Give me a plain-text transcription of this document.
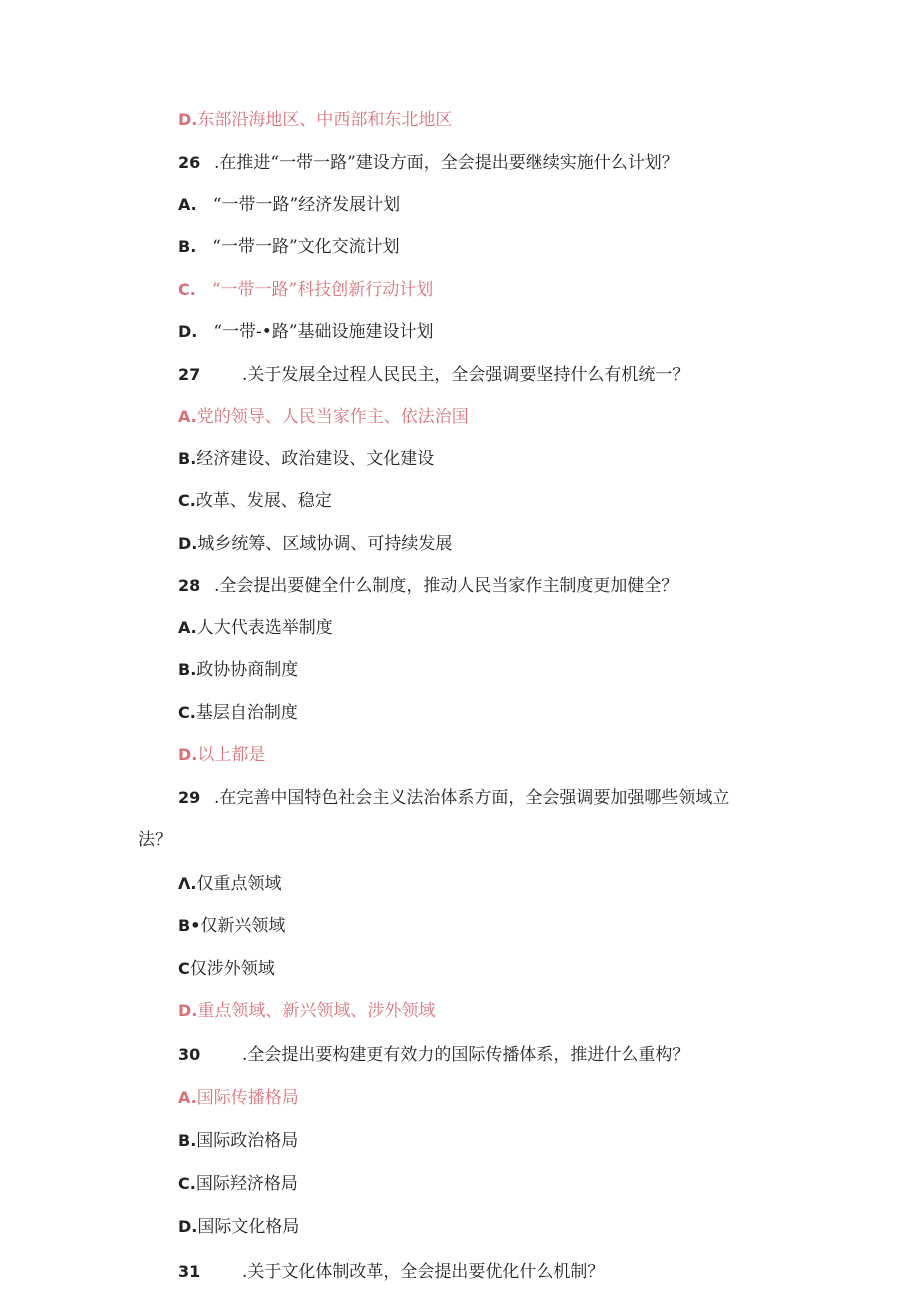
D.东部沿海地区、中西部和东北地区
26 .在推进“一带一路”建设方面，全会提出要继续实施什么计划？
A. “一带一路”经济发展计划
B. “一带一路”文化交流计划
C. “一带一路”科技创新行动计划
D. “一带-•路”基础设施建设计划
27 .关于发展全过程人民民主，全会强调要坚持什么有机统一？
A.党的领导、人民当家作主、依法治国
B.经济建设、政治建设、文化建设
C.改革、发展、稳定
D.城乡统筹、区域协调、可持续发展
28 .全会提出要健全什么制度，推动人民当家作主制度更加健全？
A.人大代表选举制度
B.政协协商制度
C.基层自治制度
D.以上都是
29 .在完善中国特色社会主义法治体系方面，全会强调要加强哪些领域立
法？
Λ.仅重点领域
B•仅新兴领域
C仅涉外领域
D.重点领域、新兴领域、涉外领域
30 .全会提出要构建更有效力的国际传播体系，推进什么重构？
A.国际传播格局
B.国际政治格局
C.国际羟济格局
D.国际文化格局
31 .关于文化体制改革，全会提出要优化什么机制？
